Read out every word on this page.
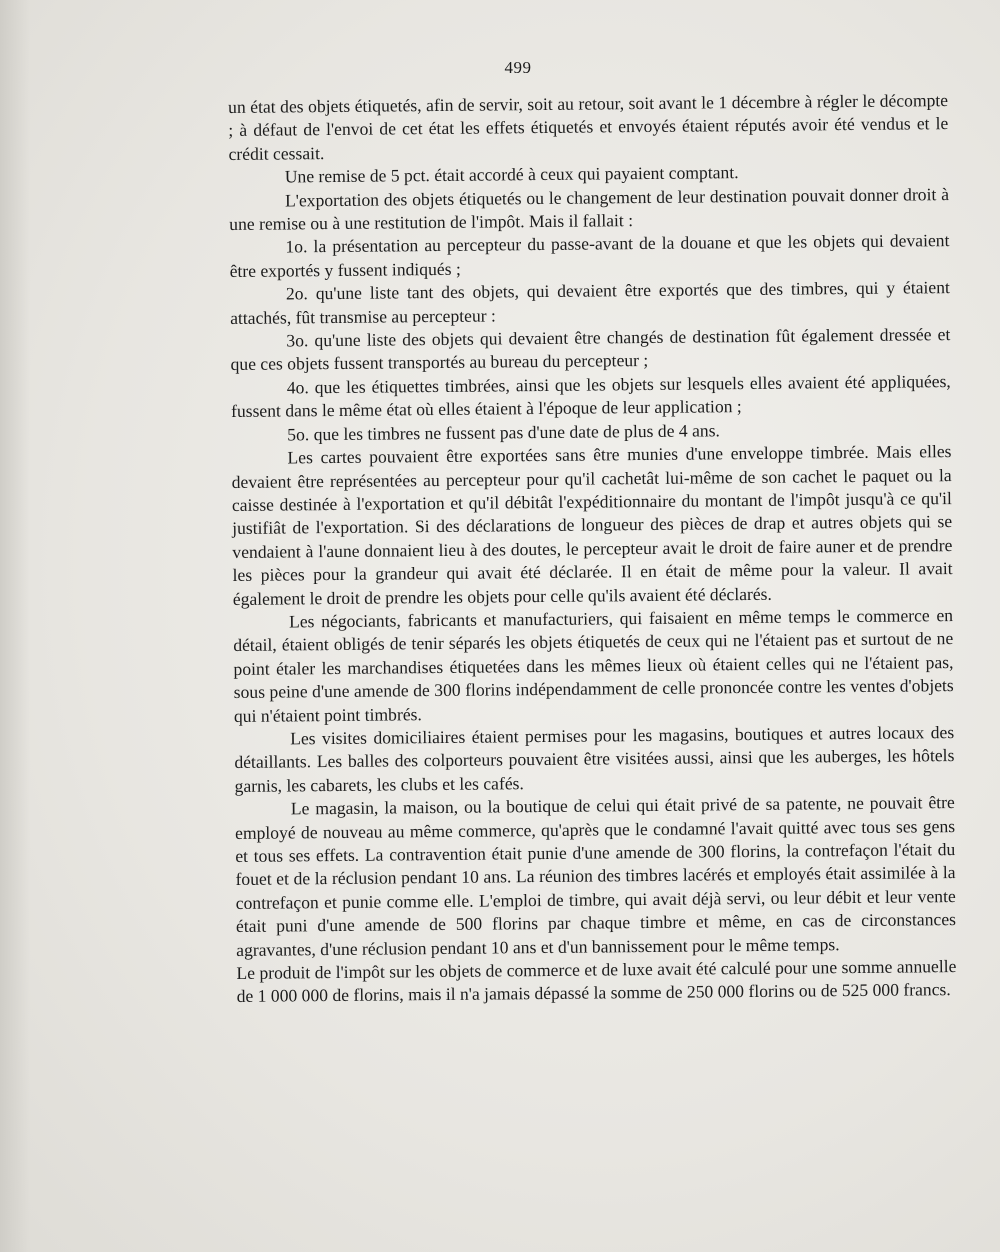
499

un état des objets étiquetés, afin de servir, soit au retour, soit avant le 1 décembre à régler le décompte ; à défaut de l'envoi de cet état les effets étiquetés et envoyés étaient réputés avoir été vendus et le crédit cessait.

Une remise de 5 pct. était accordé à ceux qui payaient comptant.

L'exportation des objets étiquetés ou le changement de leur destination pouvait donner droit à une remise ou à une restitution de l'impôt. Mais il fallait :

1o. la présentation au percepteur du passe-avant de la douane et que les objets qui devaient être exportés y fussent indiqués ;

2o. qu'une liste tant des objets, qui devaient être exportés que des timbres, qui y étaient attachés, fût transmise au percepteur :

3o. qu'une liste des objets qui devaient être changés de destination fût également dressée et que ces objets fussent transportés au bureau du percepteur ;

4o. que les étiquettes timbrées, ainsi que les objets sur lesquels elles avaient été appliquées, fussent dans le même état où elles étaient à l'époque de leur application ;

5o. que les timbres ne fussent pas d'une date de plus de 4 ans.

Les cartes pouvaient être exportées sans être munies d'une enveloppe timbrée. Mais elles devaient être représentées au percepteur pour qu'il cachetât lui-même de son cachet le paquet ou la caisse destinée à l'exportation et qu'il débitât l'expéditionnaire du montant de l'impôt jusqu'à ce qu'il justifiât de l'exportation. Si des déclarations de longueur des pièces de drap et autres objets qui se vendaient à l'aune donnaient lieu à des doutes, le percepteur avait le droit de faire auner et de prendre les pièces pour la grandeur qui avait été déclarée. Il en était de même pour la valeur. Il avait également le droit de prendre les objets pour celle qu'ils avaient été déclarés.

Les négociants, fabricants et manufacturiers, qui faisaient en même temps le commerce en détail, étaient obligés de tenir séparés les objets étiquetés de ceux qui ne l'étaient pas et surtout de ne point étaler les marchandises étiquetées dans les mêmes lieux où étaient celles qui ne l'étaient pas, sous peine d'une amende de 300 florins indépendamment de celle prononcée contre les ventes d'objets qui n'étaient point timbrés.

Les visites domiciliaires étaient permises pour les magasins, boutiques et autres locaux des détaillants. Les balles des colporteurs pouvaient être visitées aussi, ainsi que les auberges, les hôtels garnis, les cabarets, les clubs et les cafés.

Le magasin, la maison, ou la boutique de celui qui était privé de sa patente, ne pouvait être employé de nouveau au même commerce, qu'après que le condamné l'avait quitté avec tous ses gens et tous ses effets. La contravention était punie d'une amende de 300 florins, la contrefaçon l'était du fouet et de la réclusion pendant 10 ans. La réunion des timbres lacérés et employés était assimilée à la contrefaçon et punie comme elle. L'emploi de timbre, qui avait déjà servi, ou leur débit et leur vente était puni d'une amende de 500 florins par chaque timbre et même, en cas de circonstances agravantes, d'une réclusion pendant 10 ans et d'un bannissement pour le même temps.

Le produit de l'impôt sur les objets de commerce et de luxe avait été calculé pour une somme annuelle de 1 000 000 de florins, mais il n'a jamais dépassé la somme de 250 000 florins ou de 525 000 francs.
